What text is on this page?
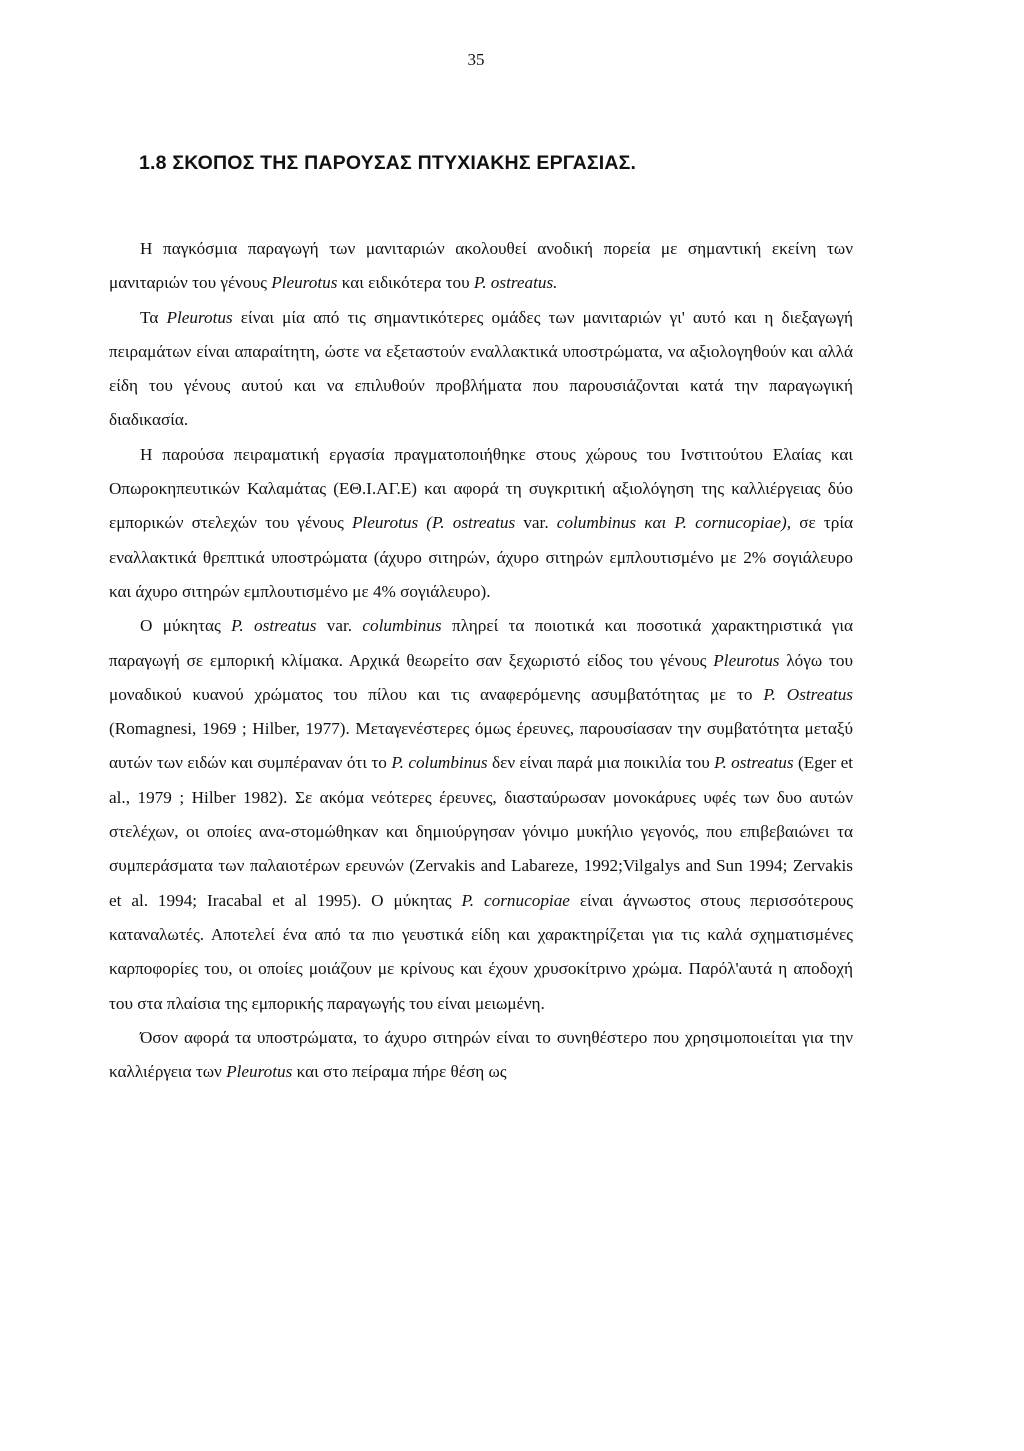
35
1.8 ΣΚΟΠΟΣ ΤΗΣ ΠΑΡΟΥΣΑΣ ΠΤΥΧΙΑΚΗΣ ΕΡΓΑΣΙΑΣ.

Η παγκόσμια παραγωγή των μανιταριών ακολουθεί ανοδική πορεία με σημαντική εκείνη των μανιταριών του γένους Pleurotus και ειδικότερα του P. ostreatus.

Τα Pleurotus είναι μία από τις σημαντικότερες ομάδες των μανιταριών γι' αυτό και η διεξαγωγή πειραμάτων είναι απαραίτητη, ώστε να εξεταστούν εναλλακτικά υποστρώματα, να αξιολογηθούν και αλλά είδη του γένους αυτού και να επιλυθούν προβλήματα που παρουσιάζονται κατά την παραγωγική διαδικασία.

Η παρούσα πειραματική εργασία πραγματοποιήθηκε στους χώρους του Ινστιτούτου Ελαίας και Οπωροκηπευτικών Καλαμάτας (ΕΘ.Ι.ΑΓ.Ε) και αφορά τη συγκριτική αξιολόγηση της καλλιέργειας δύο εμπορικών στελεχών του γένους Pleurotus (P. ostreatus var. columbinus και P. cornucopiae), σε τρία εναλλακτικά θρεπτικά υποστρώματα (άχυρο σιτηρών, άχυρο σιτηρών εμπλουτισμένο με 2% σογιάλευρο και άχυρο σιτηρών εμπλουτισμένο με 4% σογιάλευρο).

Ο μύκητας P. ostreatus var. columbinus πληρεί τα ποιοτικά και ποσοτικά χαρακτηριστικά για παραγωγή σε εμπορική κλίμακα. Αρχικά θεωρείτο σαν ξεχωριστό είδος του γένους Pleurotus λόγω του μοναδικού κυανού χρώματος του πίλου και τις αναφερόμενης ασυμβατότητας με το P. Ostreatus (Romagnesi, 1969 ; Hilber, 1977). Μεταγενέστερες όμως έρευνες, παρουσίασαν την συμβατότητα μεταξύ αυτών των ειδών και συμπέραναν ότι το P. columbinus δεν είναι παρά μια ποικιλία του P. ostreatus (Eger et al., 1979 ; Hilber 1982). Σε ακόμα νεότερες έρευνες, διασταύρωσαν μονοκάρυες υφές των δυο αυτών στελέχων, οι οποίες ανα-στομώθηκαν και δημιούργησαν γόνιμο μυκήλιο γεγονός, που επιβεβαιώνει τα συμπεράσματα των παλαιοτέρων ερευνών (Zervakis and Labareze, 1992;Vilgalys and Sun 1994; Zervakis et al. 1994; Iracabal et al 1995). Ο μύκητας P. cornucopiae είναι άγνωστος στους περισσότερους καταναλωτές. Αποτελεί ένα από τα πιο γευστικά είδη και χαρακτηρίζεται για τις καλά σχηματισμένες καρποφορίες του, οι οποίες μοιάζουν με κρίνους και έχουν χρυσοκίτρινο χρώμα. Παρόλ'αυτά η αποδοχή του στα πλαίσια της εμπορικής παραγωγής του είναι μειωμένη.

Όσον αφορά τα υποστρώματα, το άχυρο σιτηρών είναι το συνηθέστερο που χρησιμοποιείται για την καλλιέργεια των Pleurotus και στο πείραμα πήρε θέση ως
